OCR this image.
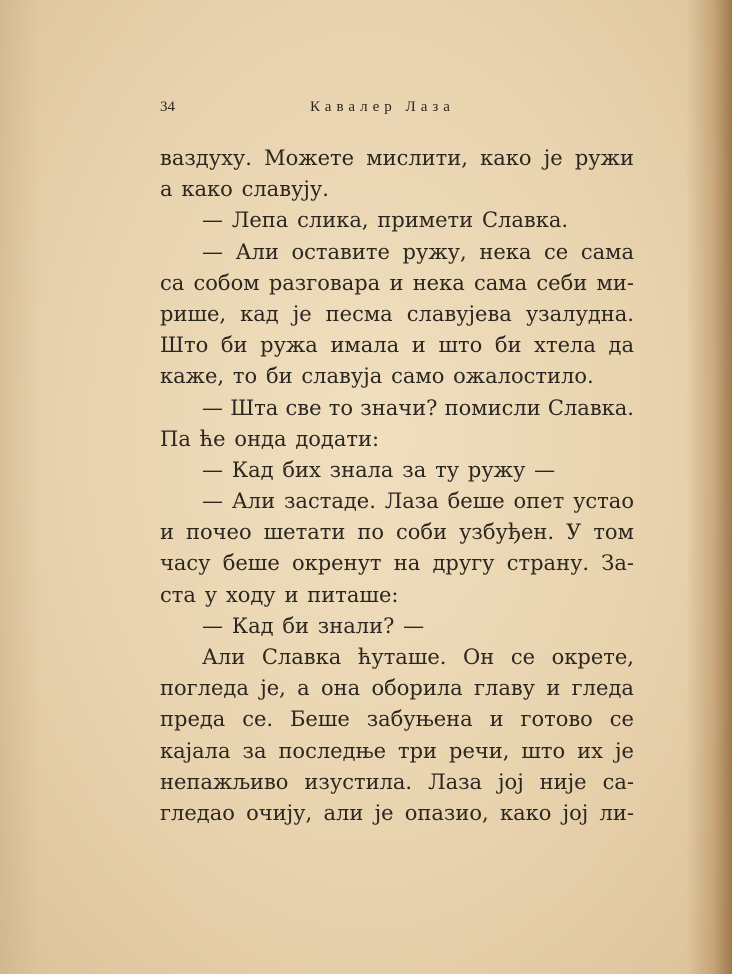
34	Кавалер Лаза
ваздуху. Можете мислити, како је ружи
а како славују.
— Лепа слика, примети Славка.
— Али оставите ружу, нека се сама
са собом разговара и нека сама себи ми-
рише, кад је песма славујева узалудна.
Што би ружа имала и што би хтела да
каже, то би славуја само ожалостило.
— Шта све то значи? помисли Славка.
Па ће онда додати:
— Кад бих знала за ту ружу —
— Али застаде. Лаза беше опет устао
и почео шетати по соби узбуђен. У том
часу беше окренут на другу страну. За-
ста у ходу и питаше:
— Кад би знали? —
Али Славка ћуташе. Он се окрете,
погледа је, а она оборила главу и гледа
преда се. Беше забуњена и готово се
кајала за последње три речи, што их је
непажљиво изустила. Лаза јој није са-
гледао очију, али је опазио, како јој ли-
